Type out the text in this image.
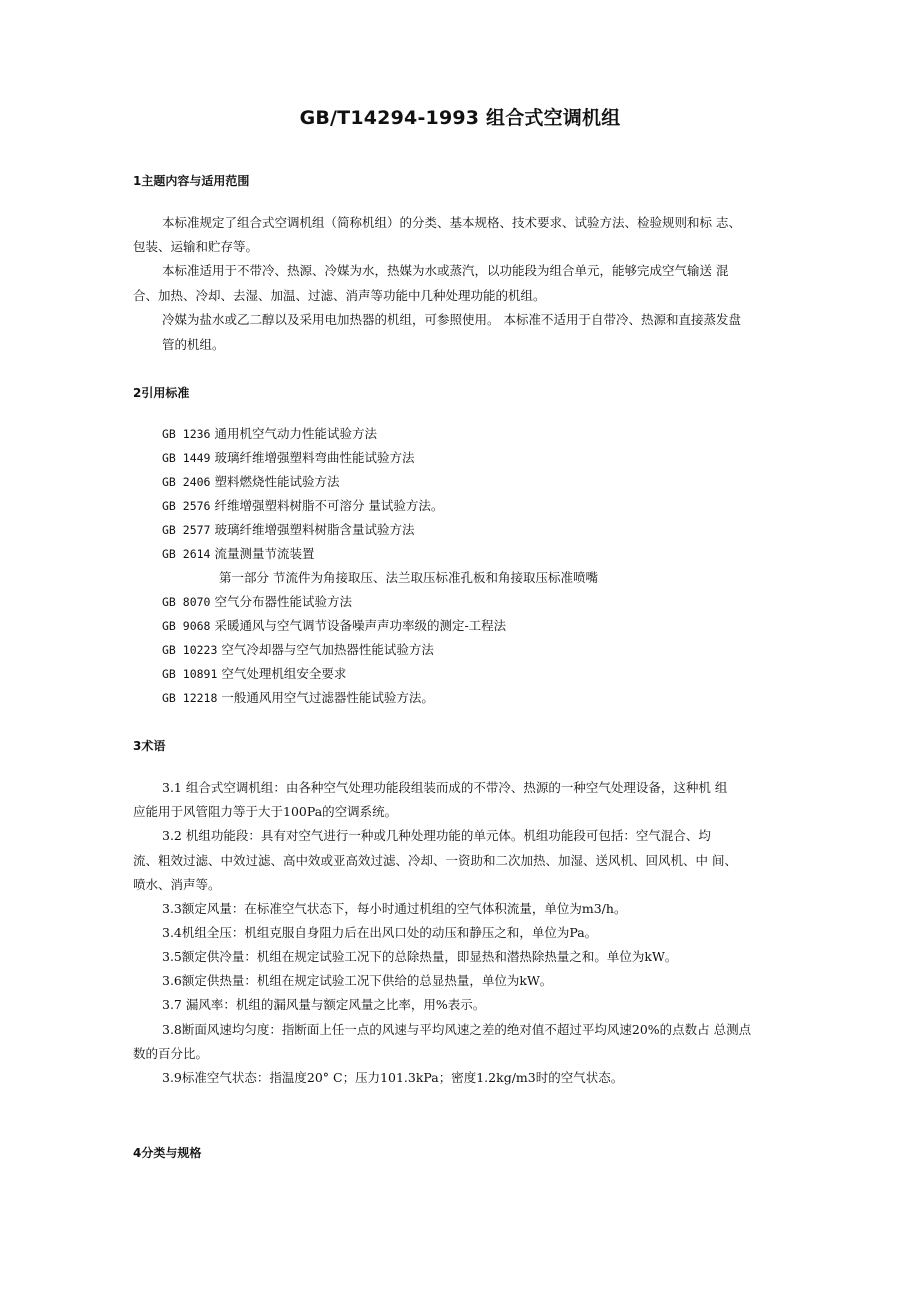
GB/T14294-1993 组合式空调机组
1主题内容与适用范围
本标准规定了组合式空调机组（简称机组）的分类、基本规格、技术要求、试验方法、检验规则和标 志、
包装、运输和贮存等。
本标准适用于不带冷、热源、冷媒为水，热媒为水或蒸汽，以功能段为组合单元，能够完成空气输送 混
合、加热、冷却、去湿、加温、过滤、消声等功能中几种处理功能的机组。
冷媒为盐水或乙二醇以及采用电加热器的机组，可参照使用。 本标准不适用于自带冷、热源和直接蒸发盘
管的机组。
2引用标准
GB 1236 通用机空气动力性能试验方法
GB 1449 玻璃纤维增强塑料弯曲性能试验方法
GB 2406 塑料燃烧性能试验方法
GB 2576 纤维增强塑料树脂不可溶分 量试验方法。
GB 2577 玻璃纤维增强塑料树脂含量试验方法
GB 2614 流量测量节流装置
第一部分 节流件为角接取压、法兰取压标准孔板和角接取压标准喷嘴
GB 8070 空气分布器性能试验方法
GB 9068 采暖通风与空气调节设备噪声声功率级的测定-工程法
GB 10223 空气冷却器与空气加热器性能试验方法
GB 10891 空气处理机组安全要求
GB 12218 一般通风用空气过滤器性能试验方法。
3术语
3.1 组合式空调机组：由各种空气处理功能段组装而成的不带冷、热源的一种空气处理设备，这种机 组
应能用于风管阻力等于大于100Pa的空调系统。
3.2 机组功能段：具有对空气进行一种或几种处理功能的单元体。机组功能段可包括：空气混合、均
流、粗效过滤、中效过滤、高中效或亚高效过滤、冷却、一资助和二次加热、加湿、送风机、回风机、中 间、
喷水、消声等。
3.3额定风量：在标准空气状态下，每小时通过机组的空气体积流量，单位为m3/h。
3.4机组全压：机组克服自身阻力后在出风口处的动压和静压之和，单位为Pa。
3.5额定供冷量：机组在规定试验工况下的总除热量，即显热和潜热除热量之和。单位为kW。
3.6额定供热量：机组在规定试验工况下供给的总显热量，单位为kW。
3.7 漏风率：机组的漏风量与额定风量之比率，用%表示。
3.8断面风速均匀度：指断面上任一点的风速与平均风速之差的绝对值不超过平均风速20%的点数占 总测点
数的百分比。
3.9标准空气状态：指温度20° C；压力101.3kPa；密度1.2kg/m3时的空气状态。
4分类与规格
